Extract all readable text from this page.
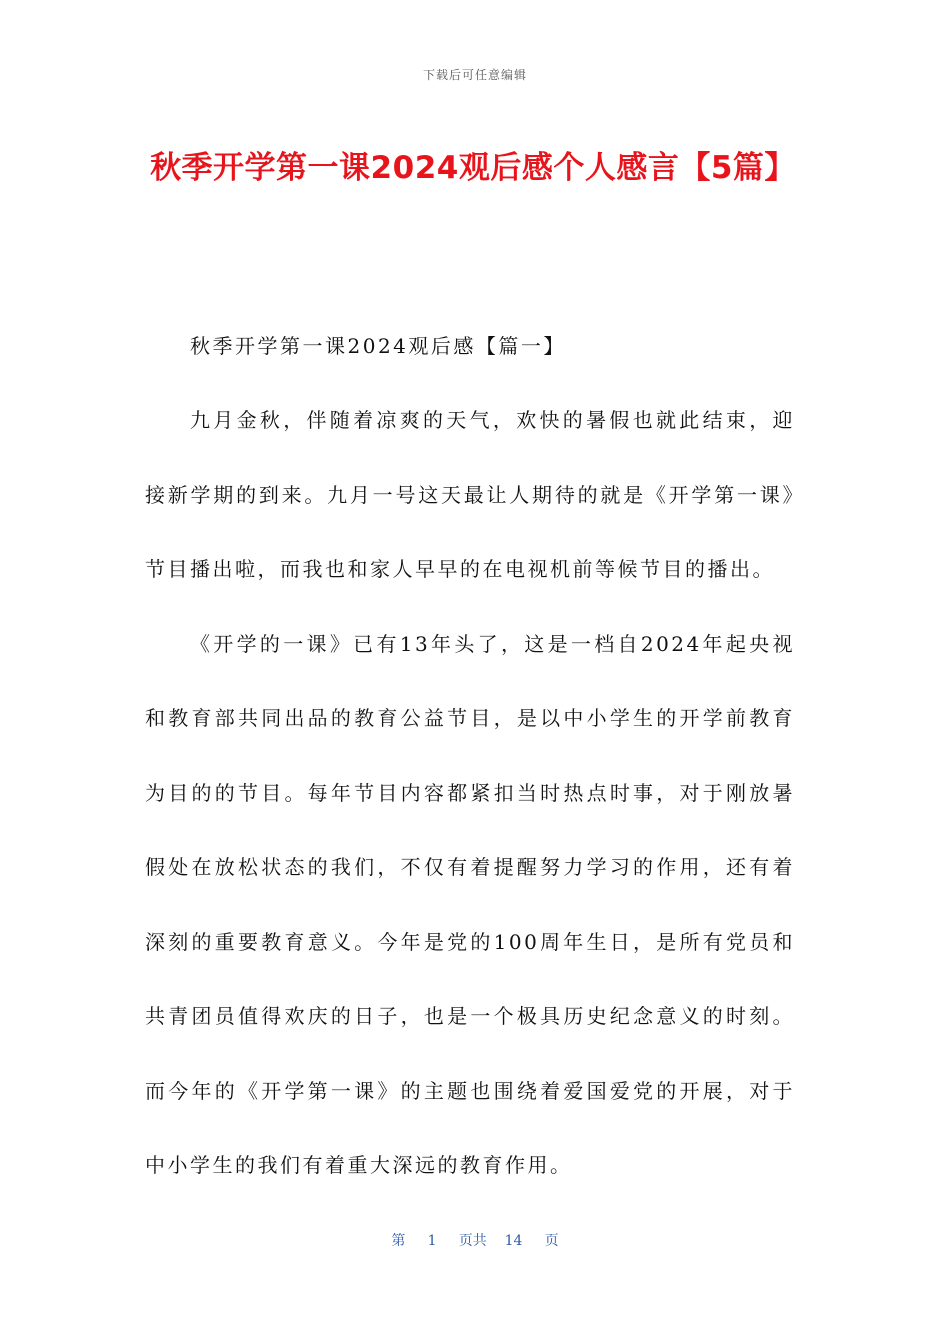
下载后可任意编辑
秋季开学第一课2024观后感个人感言【5篇】

秋季开学第一课2024观后感【篇一】

九月金秋，伴随着凉爽的天气，欢快的暑假也就此结束，迎接新学期的到来。九月一号这天最让人期待的就是《开学第一课》节目播出啦，而我也和家人早早的在电视机前等候节目的播出。

《开学的一课》已有13年头了，这是一档自2024年起央视和教育部共同出品的教育公益节目，是以中小学生的开学前教育为目的的节目。每年节目内容都紧扣当时热点时事，对于刚放暑假处在放松状态的我们，不仅有着提醒努力学习的作用，还有着深刻的重要教育意义。今年是党的100周年生日，是所有党员和共青团员值得欢庆的日子，也是一个极具历史纪念意义的时刻。而今年的《开学第一课》的主题也围绕着爱国爱党的开展，对于中小学生的我们有着重大深远的教育作用。

第 1 页共 14 页
